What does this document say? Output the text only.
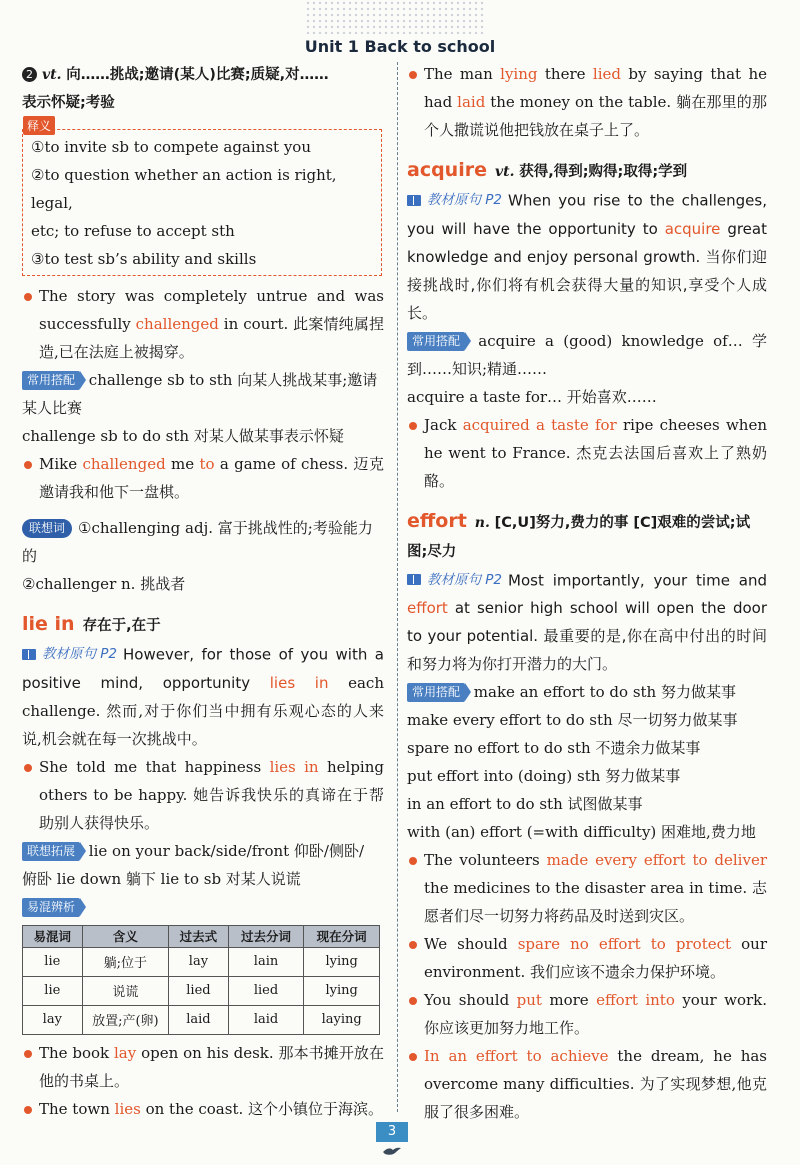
Unit 1 Back to school

2 vt. 向……挑战;邀请(某人)比赛;质疑,对……

表示怀疑;考验

释义
①to invite sb to compete against you
②to question whether an action is right, legal,
etc; to refuse to accept sth
③to test sb’s ability and skills

The story was completely untrue and was successfully challenged in court. 此案情纯属捏造,已在法庭上被揭穿。

常用搭配 challenge sb to sth 向某人挑战某事;邀请某人比赛

challenge sb to do sth 对某人做某事表示怀疑

Mike challenged me to a game of chess. 迈克邀请我和他下一盘棋。

联想词 ①challenging adj. 富于挑战性的;考验能力的

②challenger n. 挑战者

lie in 存在于,在于

教材原句 P2 However, for those of you with a positive mind, opportunity lies in each challenge. 然而,对于你们当中拥有乐观心态的人来说,机会就在每一次挑战中。

She told me that happiness lies in helping others to be happy. 她告诉我快乐的真谛在于帮助别人获得快乐。

联想拓展 lie on your back/side/front 仰卧/侧卧/

俯卧 lie down 躺下 lie to sb 对某人说谎

易混辨析

易混词	含义	过去式	过去分词	现在分词
lie	躺;位于	lay	lain	lying
lie	说谎	lied	lied	lying
lay	放置;产(卵)	laid	laid	laying

The book lay open on his desk. 那本书摊开放在他的书桌上。

The town lies on the coast. 这个小镇位于海滨。

The man lying there lied by saying that he had laid the money on the table. 躺在那里的那个人撒谎说他把钱放在桌子上了。

acquire vt. 获得,得到;购得;取得;学到

教材原句 P2 When you rise to the challenges, you will have the opportunity to acquire great knowledge and enjoy personal growth. 当你们迎接挑战时,你们将有机会获得大量的知识,享受个人成长。

常用搭配 acquire a (good) knowledge of… 学到……知识;精通……

acquire a taste for… 开始喜欢……

Jack acquired a taste for ripe cheeses when he went to France. 杰克去法国后喜欢上了熟奶酪。

effort n. [C,U]努力,费力的事 [C]艰难的尝试;试图;尽力

教材原句 P2 Most importantly, your time and effort at senior high school will open the door to your potential. 最重要的是,你在高中付出的时间和努力将为你打开潜力的大门。

常用搭配 make an effort to do sth 努力做某事

make every effort to do sth 尽一切努力做某事

spare no effort to do sth 不遗余力做某事

put effort into (doing) sth 努力做某事

in an effort to do sth 试图做某事

with (an) effort (=with difficulty) 困难地,费力地

The volunteers made every effort to deliver the medicines to the disaster area in time. 志愿者们尽一切努力将药品及时送到灾区。

We should spare no effort to protect our environment. 我们应该不遗余力保护环境。

You should put more effort into your work. 你应该更加努力地工作。

In an effort to achieve the dream, he has overcome many difficulties. 为了实现梦想,他克服了很多困难。

3
